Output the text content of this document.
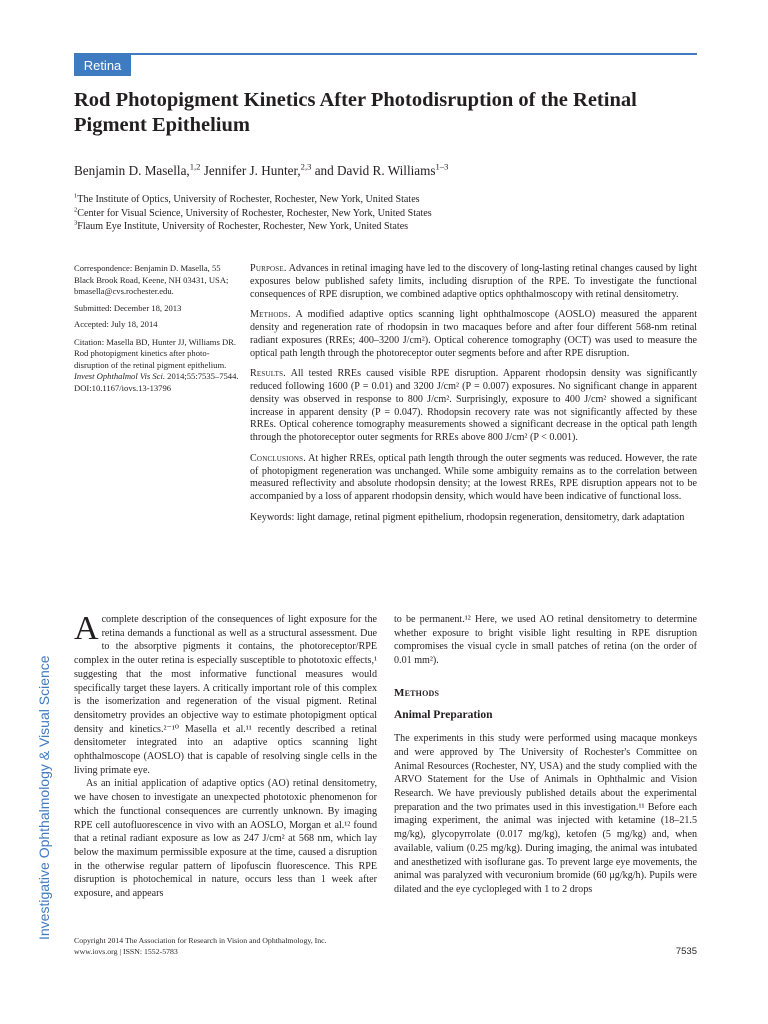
Retina
Rod Photopigment Kinetics After Photodisruption of the Retinal Pigment Epithelium
Benjamin D. Masella,$^{1,2}$ Jennifer J. Hunter,$^{2,3}$ and David R. Williams$^{1-3}$
$^1$The Institute of Optics, University of Rochester, Rochester, New York, United States
$^2$Center for Visual Science, University of Rochester, Rochester, New York, United States
$^3$Flaum Eye Institute, University of Rochester, Rochester, New York, United States

Correspondence: Benjamin D. Masella, 55 Black Brook Road, Keene, NH 03431, USA; bmasella@cvs.rochester.edu.

Submitted: December 18, 2013

Accepted: July 18, 2014

Citation: Masella BD, Hunter JJ, Williams DR. Rod photopigment kinetics after photo-disruption of the retinal pigment epithelium. Invest Ophthalmol Vis Sci. 2014;55:7535–7544.
DOI:10.1167/iovs.13-13796

Purpose. Advances in retinal imaging have led to the discovery of long-lasting retinal changes caused by light exposures below published safety limits, including disruption of the RPE. To investigate the functional consequences of RPE disruption, we combined adaptive optics ophthalmoscopy with retinal densitometry.

Methods. A modified adaptive optics scanning light ophthalmoscope (AOSLO) measured the apparent density and regeneration rate of rhodopsin in two macaques before and after four different 568-nm retinal radiant exposures (RREs; 400–3200 J/cm²). Optical coherence tomography (OCT) was used to measure the optical path length through the photoreceptor outer segments before and after RPE disruption.

Results. All tested RREs caused visible RPE disruption. Apparent rhodopsin density was significantly reduced following 1600 (P = 0.01) and 3200 J/cm² (P = 0.007) exposures. No significant change in apparent density was observed in response to 800 J/cm². Surprisingly, exposure to 400 J/cm² showed a significant increase in apparent density (P = 0.047). Rhodopsin recovery rate was not significantly affected by these RREs. Optical coherence tomography measurements showed a significant decrease in the optical path length through the photoreceptor outer segments for RREs above 800 J/cm² (P < 0.001).

Conclusions. At higher RREs, optical path length through the outer segments was reduced. However, the rate of photopigment regeneration was unchanged. While some ambiguity remains as to the correlation between measured reflectivity and absolute rhodopsin density; at the lowest RREs, RPE disruption appears not to be accompanied by a loss of apparent rhodopsin density, which would have been indicative of functional loss.

Keywords: light damage, retinal pigment epithelium, rhodopsin regeneration, densitometry, dark adaptation

Investigative Ophthalmology & Visual Science

Acomplete description of the consequences of light exposure for the retina demands a functional as well as a structural assessment. Due to the absorptive pigments it contains, the photoreceptor/RPE complex in the outer retina is especially susceptible to phototoxic effects,¹ suggesting that the most informative functional measures would specifically target these layers. A critically important role of this complex is the isomerization and regeneration of the visual pigment. Retinal densitometry provides an objective way to estimate photopigment optical density and kinetics.²⁻¹⁰ Masella et al.¹¹ recently described a retinal densitometer integrated into an adaptive optics scanning light ophthalmoscope (AOSLO) that is capable of resolving single cells in the living primate eye.

As an initial application of adaptive optics (AO) retinal densitometry, we have chosen to investigate an unexpected phototoxic phenomenon for which the functional consequences are currently unknown. By imaging RPE cell autofluorescence in vivo with an AOSLO, Morgan et al.¹² found that a retinal radiant exposure as low as 247 J/cm² at 568 nm, which lay below the maximum permissible exposure at the time, caused a disruption in the otherwise regular pattern of lipofuscin fluorescence. This RPE disruption is photochemical in nature, occurs less than 1 week after exposure, and appears

to be permanent.¹² Here, we used AO retinal densitometry to determine whether exposure to bright visible light resulting in RPE disruption compromises the visual cycle in small patches of retina (on the order of 0.01 mm²).

Methods
Animal Preparation

The experiments in this study were performed using macaque monkeys and were approved by The University of Rochester's Committee on Animal Resources (Rochester, NY, USA) and the study complied with the ARVO Statement for the Use of Animals in Ophthalmic and Vision Research. We have previously published details about the experimental preparation and the two primates used in this investigation.¹¹ Before each imaging experiment, the animal was injected with ketamine (18–21.5 mg/kg), glycopyrrolate (0.017 mg/kg), ketofen (5 mg/kg) and, when available, valium (0.25 mg/kg). During imaging, the animal was intubated and anesthetized with isoflurane gas. To prevent large eye movements, the animal was paralyzed with vecuronium bromide (60 μg/kg/h). Pupils were dilated and the eye cyclopleged with 1 to 2 drops

Copyright 2014 The Association for Research in Vision and Ophthalmology, Inc.
www.iovs.org | ISSN: 1552-5783	7535
